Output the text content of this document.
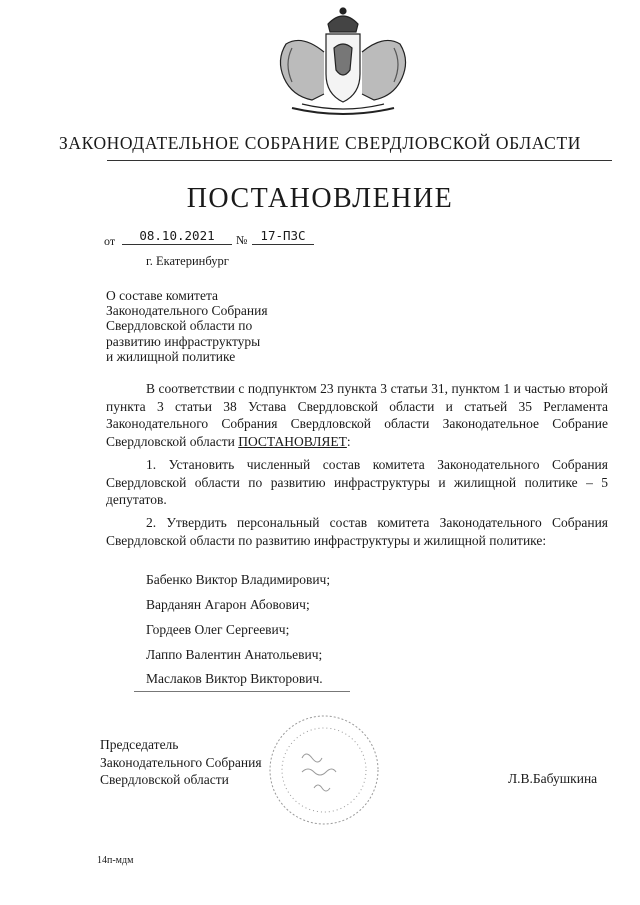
ЗАКОНОДАТЕЛЬНОЕ СОБРАНИЕ СВЕРДЛОВСКОЙ ОБЛАСТИ
ПОСТАНОВЛЕНИЕ
от	08.10.2021	№	17-ПЗС
г. Екатеринбург
О составе комитета
Законодательного Собрания
Свердловской области по
развитию инфраструктуры
и жилищной политике
В соответствии с подпунктом 23 пункта 3 статьи 31, пунктом 1 и частью второй пункта 3 статьи 38 Устава Свердловской области и статьей 35 Регламента Законодательного Собрания Свердловской области Законодательное Собрание Свердловской области ПОСТАНОВЛЯЕТ:
1. Установить численный состав комитета Законодательного Собрания Свердловской области по развитию инфраструктуры и жилищной политике – 5 депутатов.
2. Утвердить персональный состав комитета Законодательного Собрания Свердловской области по развитию инфраструктуры и жилищной политике:
Бабенко Виктор Владимирович;
Варданян Агарон Абовович;
Гордеев Олег Сергеевич;
Лаппо Валентин Анатольевич;
Маслаков Виктор Викторович.
Председатель
Законодательного Собрания
Свердловской области	Л.В.Бабушкина
14п-мдм
